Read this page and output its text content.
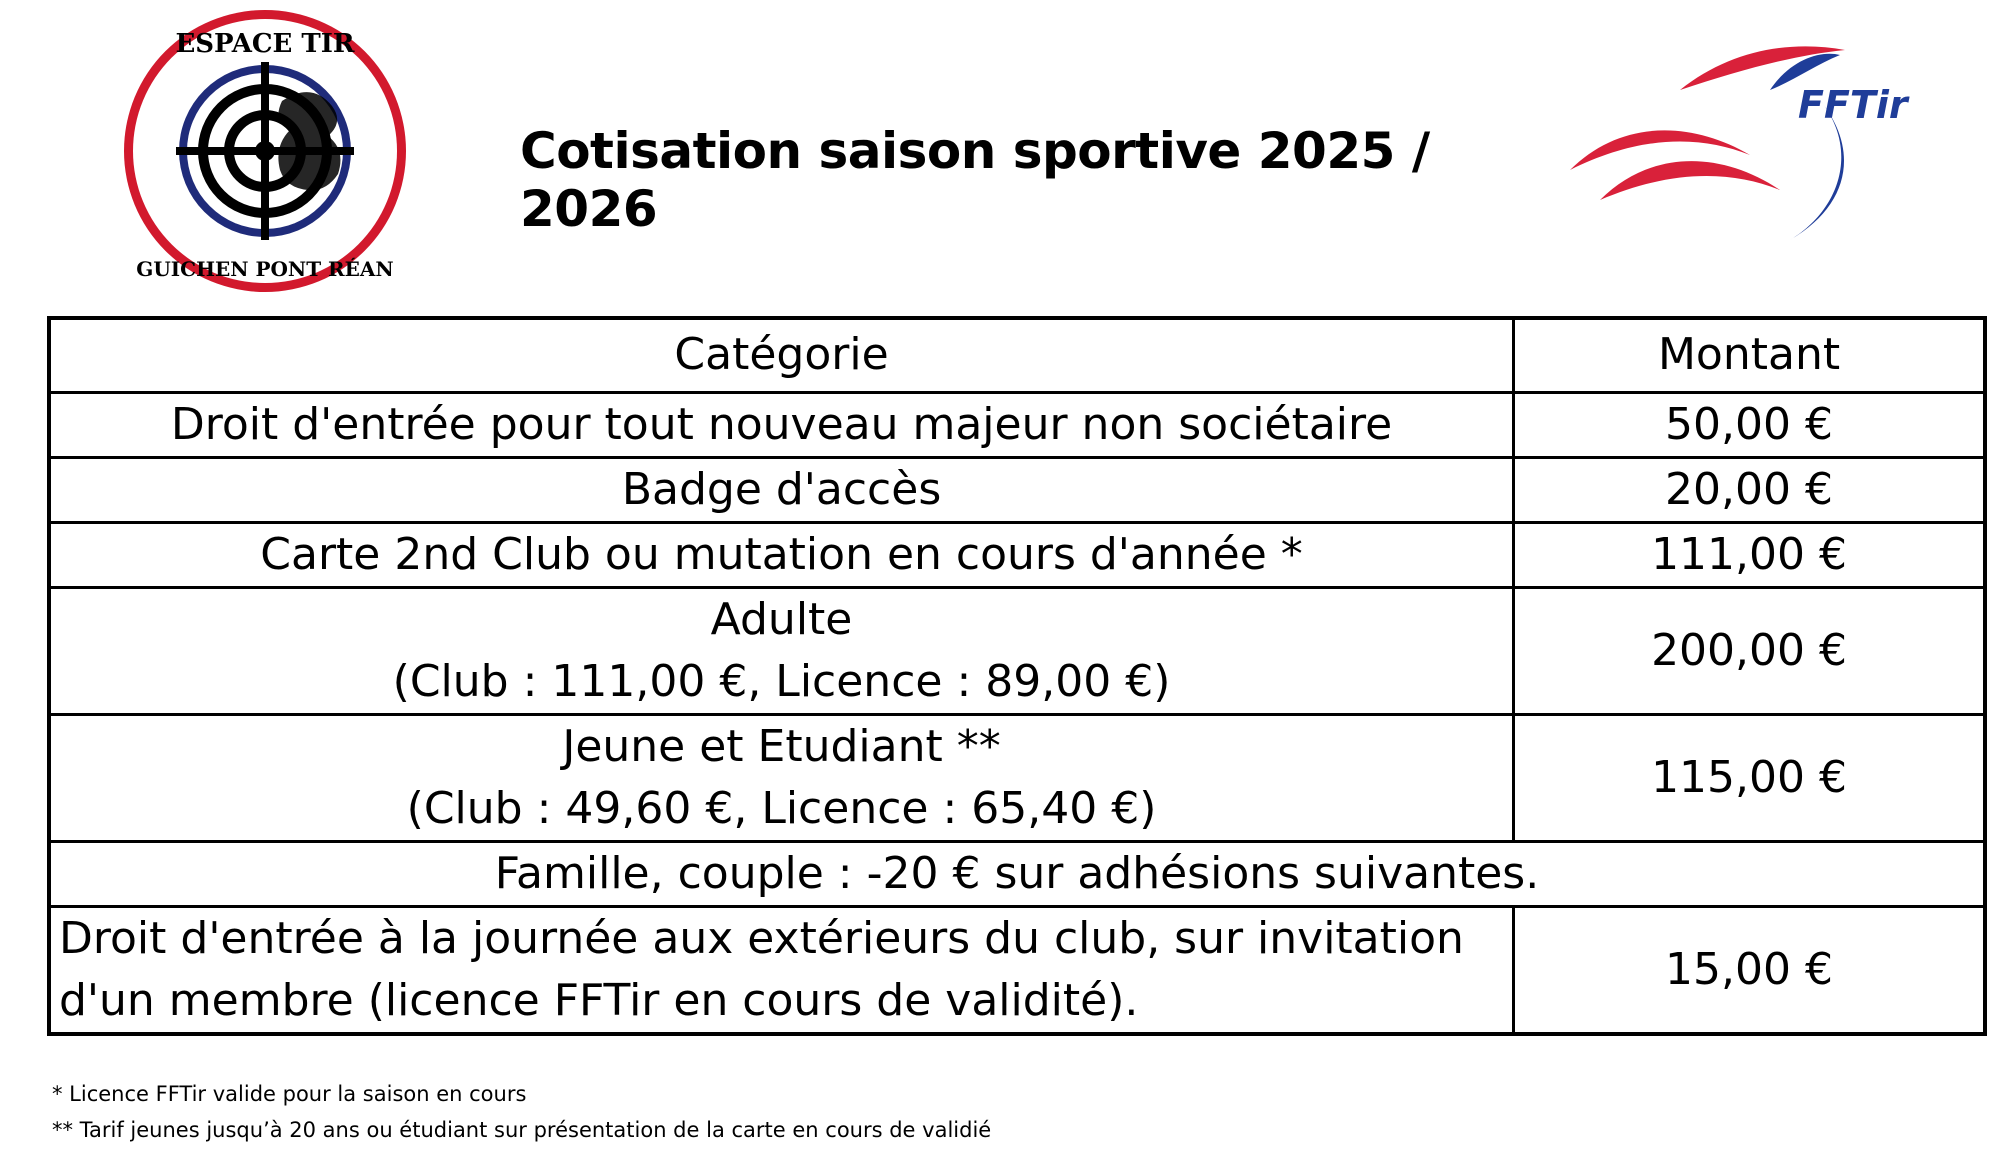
ESPACE TIR
GUICHEN PONT RÉAN
FFTir
Cotisation saison sportive 2025 / 2026
Catégorie	Montant
Droit d'entrée pour tout nouveau majeur non sociétaire	50,00 €
Badge d'accès	20,00 €
Carte 2nd Club ou mutation en cours d'année *	111,00 €

Adulte
(Club : 111,00 €, Licence : 89,00 €)	200,00 €

Jeune et Etudiant **
(Club : 49,60 €, Licence : 65,40 €)	115,00 €
Famille, couple : -20 € sur adhésions suivantes.	
Droit d'entrée à la journée aux extérieurs du club, sur invitation d'un membre (licence FFTir en cours de validité).	15,00 €
* Licence FFTir valide pour la saison en cours
** Tarif jeunes jusqu’à 20 ans ou étudiant sur présentation de la carte en cours de validié
